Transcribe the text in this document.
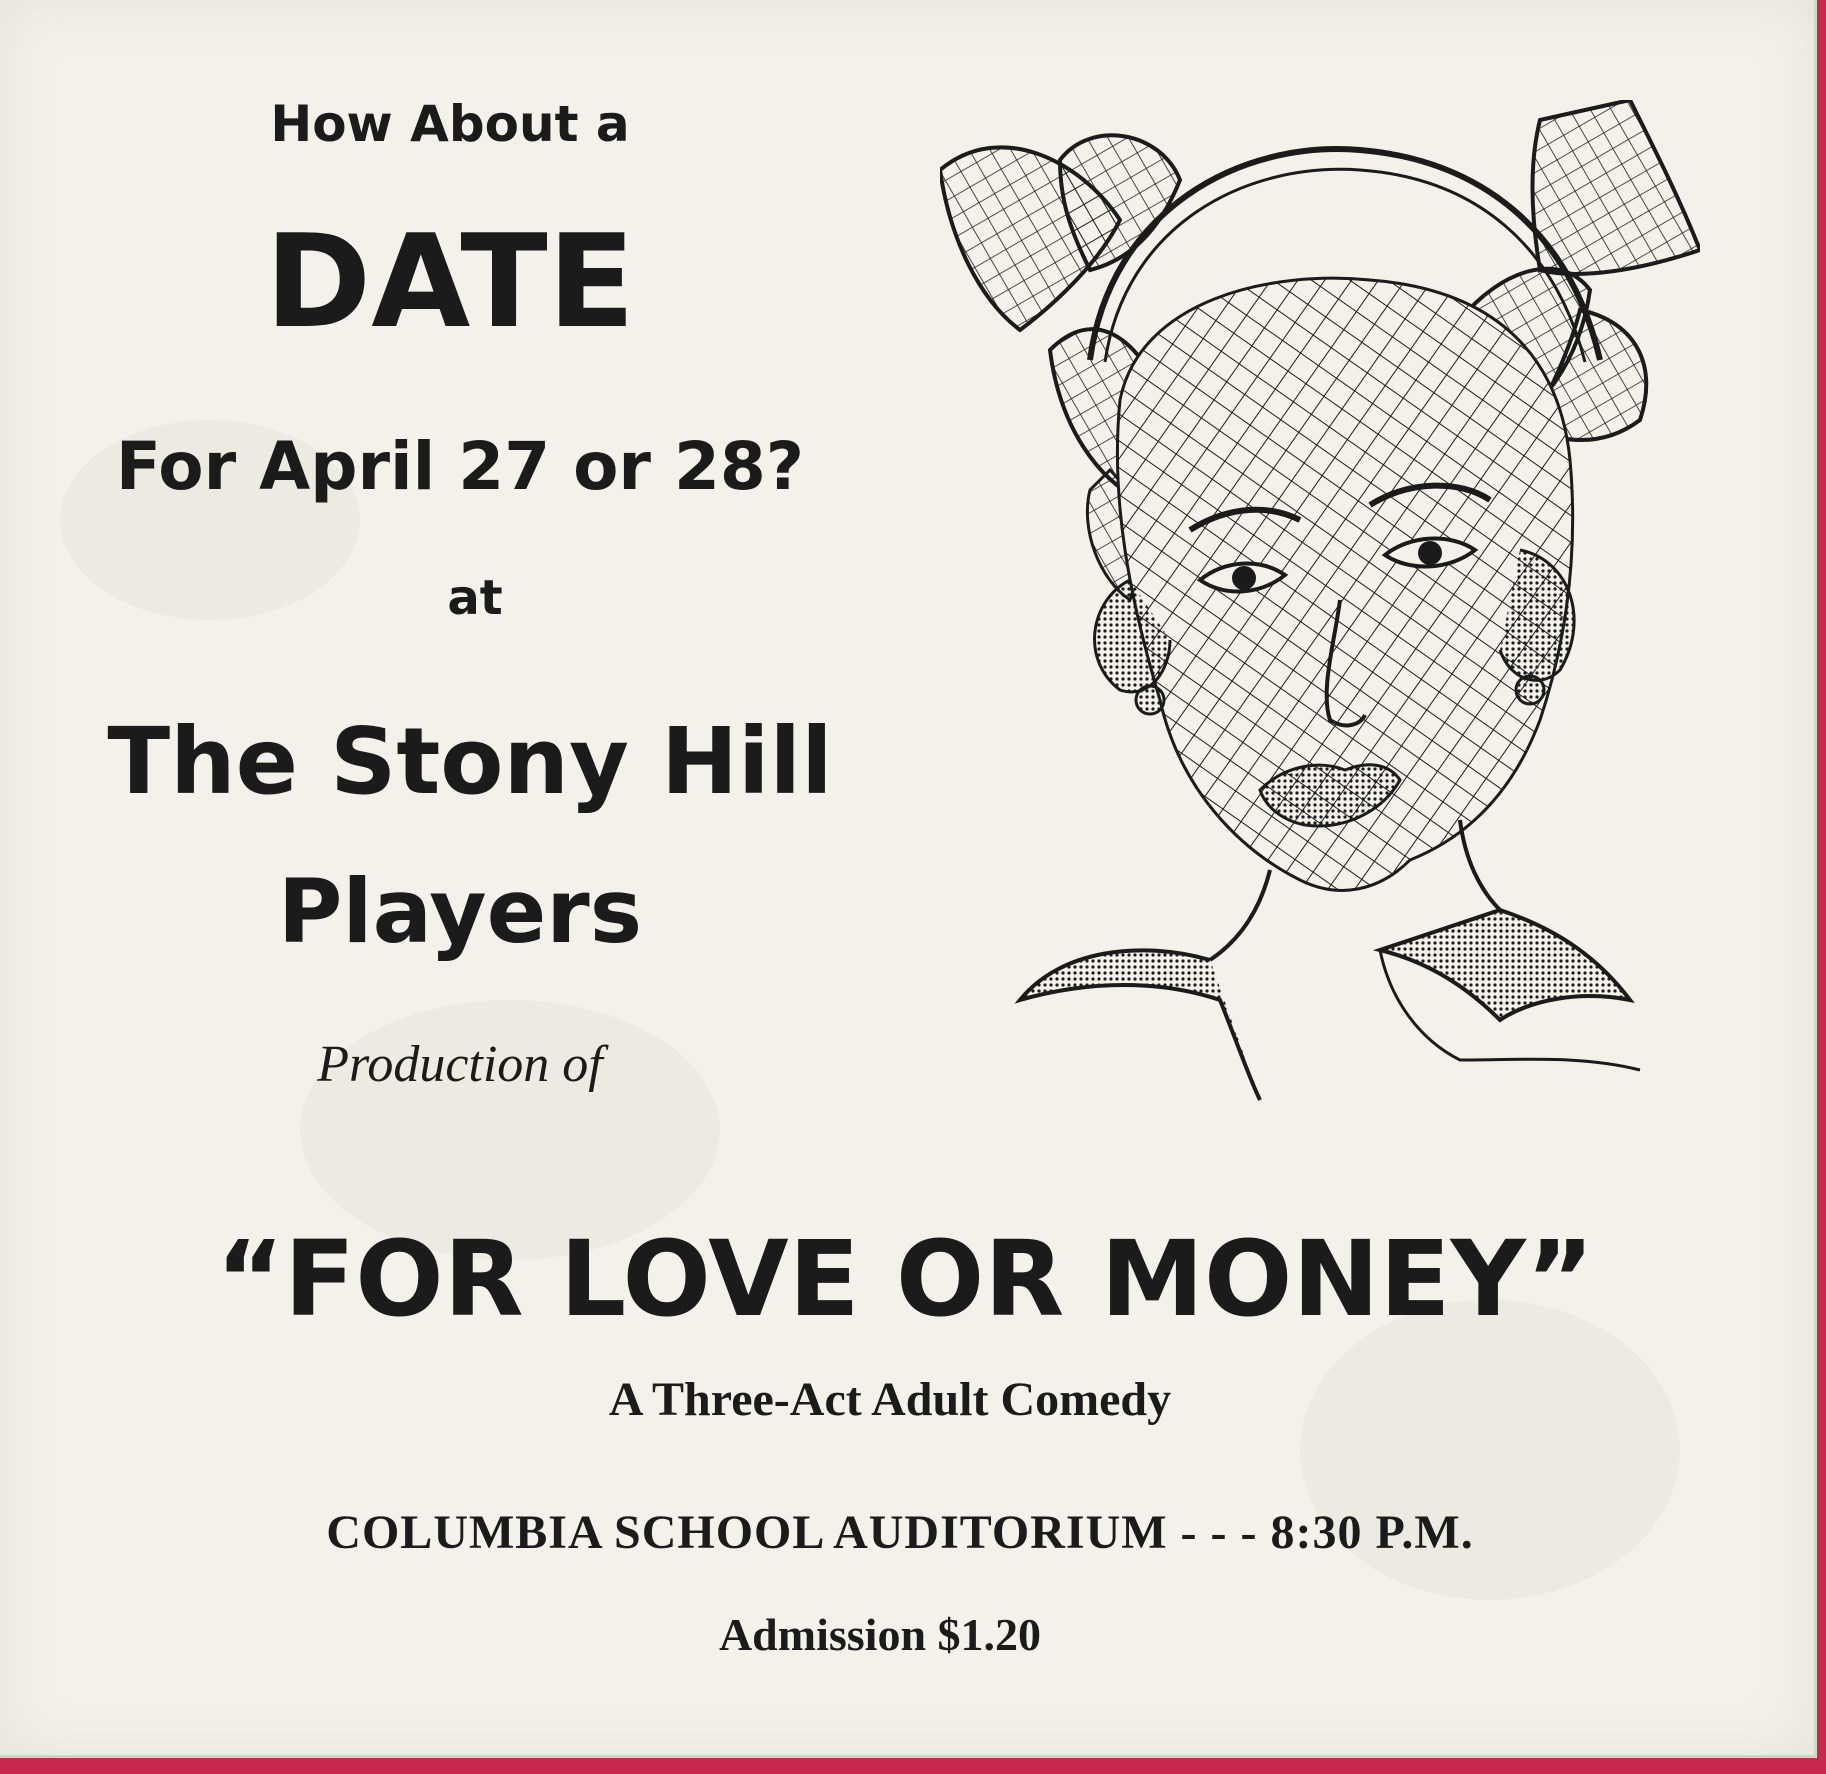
How About a
DATE
For April 27 or 28?
at
The Stony Hill
Players
Production of
“FOR LOVE OR MONEY”
A Three-Act Adult Comedy
COLUMBIA SCHOOL AUDITORIUM - - - 8:30 P.M.
Admission $1.20
